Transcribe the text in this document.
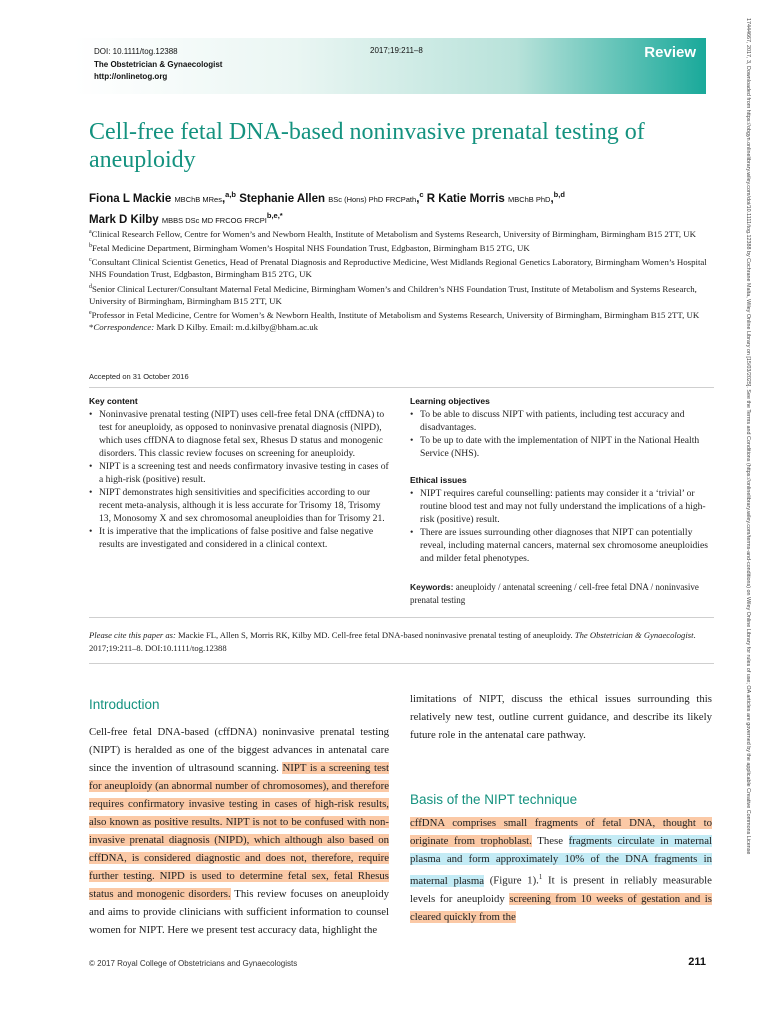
DOI: 10.1111/tog.12388
The Obstetrician & Gynaecologist
http://onlinetog.org
2017;19:211–8	Review	17444667, 2017, 3, Downloaded from https://obgyn.onlinelibrary.wiley.com/doi/10.1111/tog.12388 by Cochrane Malta, Wiley Online Library on [15/03/2025]. See the Terms and Conditions (https://onlinelibrary.wiley.com/terms-and-conditions) on Wiley Online Library for rules of use; OA articles are governed by the applicable Creative Commons License
Cell-free fetal DNA-based noninvasive prenatal testing of aneuploidy
Fiona L Mackie MBChB MRes,$^{a,b}$ Stephanie Allen BSc (Hons) PhD FRCPath,$^c$ R Katie Morris MBChB PhD,$^{b,d}$
Mark D Kilby MBBS DSc MD FRCOG $FRCPI^{b,e,*}$

$^a$Clinical Research Fellow, Centre for Women’s and Newborn Health, Institute of Metabolism and Systems Research, University of Birmingham, Birmingham B15 2TT, UK

$^b$Fetal Medicine Department, Birmingham Women’s Hospital NHS Foundation Trust, Edgbaston, Birmingham B15 2TG, UK

$^c$Consultant Clinical Scientist Genetics, Head of Prenatal Diagnosis and Reproductive Medicine, West Midlands Regional Genetics Laboratory, Birmingham Women’s Hospital NHS Foundation Trust, Edgbaston, Birmingham B15 2TG, UK

$^d$Senior Clinical Lecturer/Consultant Maternal Fetal Medicine, Birmingham Women’s and Children’s NHS Foundation Trust, Institute of Metabolism and Systems Research, University of Birmingham, Birmingham B15 2TT, UK

$^e$Professor in Fetal Medicine, Centre for Women’s & Newborn Health, Institute of Metabolism and Systems Research, University of Birmingham, Birmingham B15 2TT, UK

*Correspondence: Mark D Kilby. Email: m.d.kilby@bham.ac.uk

Accepted on 31 October 2016
Key content
• Noninvasive prenatal testing (NIPT) uses cell-free fetal DNA (cffDNA) to test for aneuploidy, as opposed to noninvasive prenatal diagnosis (NIPD), which uses cffDNA to diagnose fetal sex, Rhesus D status and monogenic disorders. This classic review focuses on screening for aneuploidy.
• NIPT is a screening test and needs confirmatory invasive testing in cases of a high-risk (positive) result.
• NIPT demonstrates high sensitivities and specificities according to our recent meta-analysis, although it is less accurate for Trisomy 18, Trisomy 13, Monosomy X and sex chromosomal aneuploidies than for Trisomy 21.
• It is imperative that the implications of false positive and false negative results are investigated and considered in a clinical context.
Learning objectives
• To be able to discuss NIPT with patients, including test accuracy and disadvantages.
• To be up to date with the implementation of NIPT in the National Health Service (NHS).
Ethical issues
• NIPT requires careful counselling: patients may consider it a ‘trivial’ or routine blood test and may not fully understand the implications of a high-risk (positive) result.
• There are issues surrounding other diagnoses that NIPT can potentially reveal, including maternal cancers, maternal sex chromosome aneuploidies and milder fetal phenotypes.
Keywords: aneuploidy / antenatal screening / cell-free fetal DNA / noninvasive prenatal testing
Please cite this paper as: Mackie FL, Allen S, Morris RK, Kilby MD. Cell-free fetal DNA-based noninvasive prenatal testing of aneuploidy. The Obstetrician & Gynaecologist. 2017;19:211–8. DOI:10.1111/tog.12388
Introduction

Cell-free fetal DNA-based (cffDNA) noninvasive prenatal testing (NIPT) is heralded as one of the biggest advances in antenatal care since the invention of ultrasound scanning. NIPT is a screening test for aneuploidy (an abnormal number of chromosomes), and therefore requires confirmatory invasive testing in cases of high-risk results, also known as positive results. NIPT is not to be confused with non-invasive prenatal diagnosis (NIPD), which although also based on cffDNA, is considered diagnostic and does not, therefore, require further testing. NIPD is used to determine fetal sex, fetal Rhesus status and monogenic disorders. This review focuses on aneuploidy and aims to provide clinicians with sufficient information to counsel women for NIPT. Here we present test accuracy data, highlight the

limitations of NIPT, discuss the ethical issues surrounding this relatively new test, outline current guidance, and describe its likely future role in the antenatal care pathway.

Basis of the NIPT technique

cffDNA comprises small fragments of fetal DNA, thought to originate from trophoblast. These fragments circulate in maternal plasma and form approximately 10% of the DNA fragments in maternal plasma (Figure 1).$^1$ It is present in reliably measurable levels for aneuploidy screening from 10 weeks of gestation and is cleared quickly from the

© 2017 Royal College of Obstetricians and Gynaecologists	211
